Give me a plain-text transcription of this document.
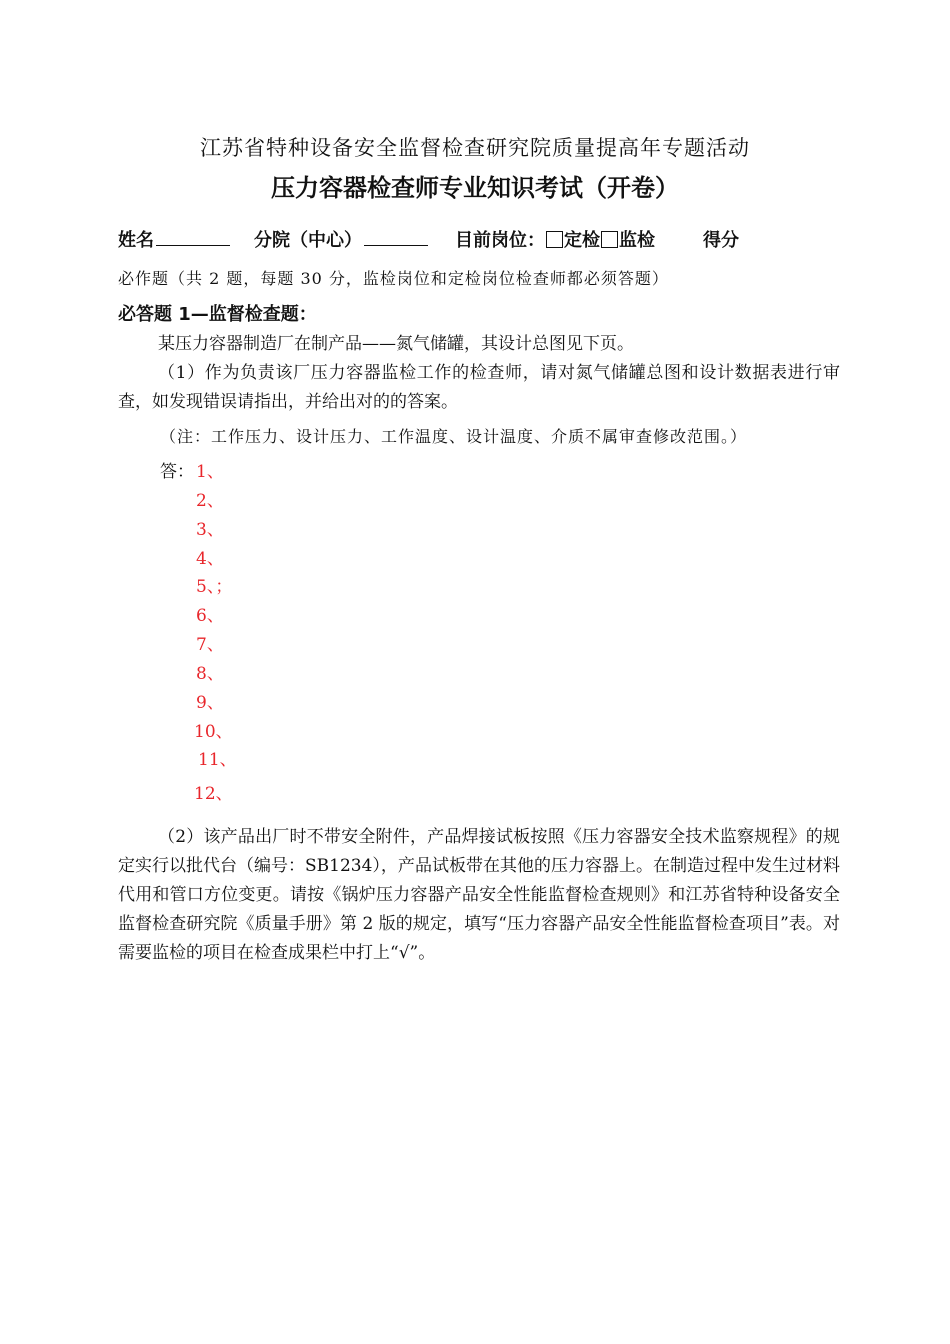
江苏省特种设备安全监督检查研究院质量提高年专题活动
压力容器检查师专业知识考试（开卷）
姓名	分院（中心）	目前岗位： 定检 监检	得分
必作题（共 2 题，每题 30 分，监检岗位和定检岗位检查师都必须答题）
必答题 1—监督检查题：
某压力容器制造厂在制产品——氮气储罐，其设计总图见下页。
（1）作为负责该厂压力容器监检工作的检查师，请对氮气储罐总图和设计数据表进行审查，如发现错误请指出，并给出对的的答案。
（注：工作压力、设计压力、工作温度、设计温度、介质不属审查修改范围。）
答： 1、
2、
3、
4、
5、；
6、
7、
8、
9、
10、
11、
12、
（2）该产品出厂时不带安全附件，产品焊接试板按照《压力容器安全技术监察规程》的规定实行以批代台（编号：SB1234），产品试板带在其他的压力容器上。在制造过程中发生过材料代用和管口方位变更。请按《锅炉压力容器产品安全性能监督检查规则》和江苏省特种设备安全监督检查研究院《质量手册》第 2 版的规定，填写“压力容器产品安全性能监督检查项目”表。对需要监检的项目在检查成果栏中打上“√”。
